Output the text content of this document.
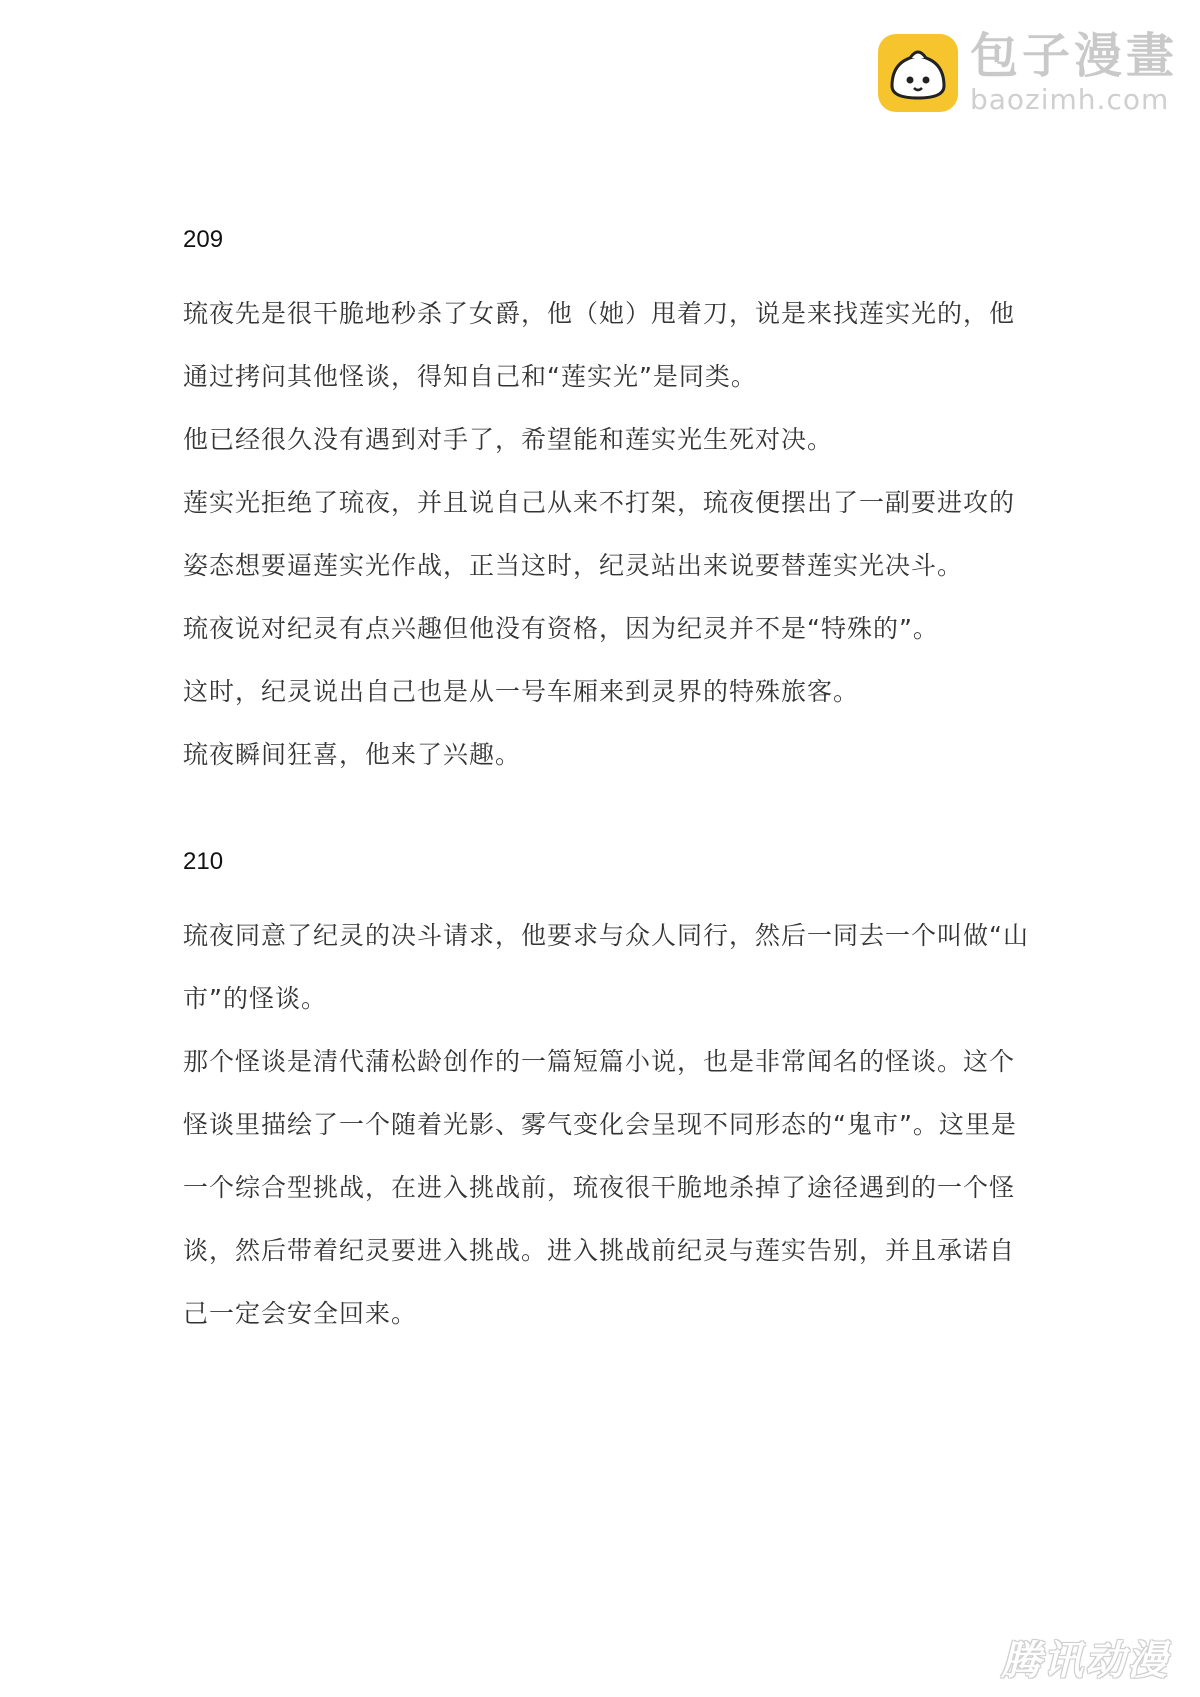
包子漫畫
baozimh.com
209

琉夜先是很干脆地秒杀了女爵，他（她）甩着刀，说是来找莲实光的，他通过拷问其他怪谈，得知自己和“莲实光”是同类。

他已经很久没有遇到对手了，希望能和莲实光生死对决。

莲实光拒绝了琉夜，并且说自己从来不打架，琉夜便摆出了一副要进攻的姿态想要逼莲实光作战，正当这时，纪灵站出来说要替莲实光决斗。

琉夜说对纪灵有点兴趣但他没有资格，因为纪灵并不是“特殊的”。

这时，纪灵说出自己也是从一号车厢来到灵界的特殊旅客。

琉夜瞬间狂喜，他来了兴趣。

210

琉夜同意了纪灵的决斗请求，他要求与众人同行，然后一同去一个叫做“山市”的怪谈。

那个怪谈是清代蒲松龄创作的一篇短篇小说，也是非常闻名的怪谈。这个怪谈里描绘了一个随着光影、雾气变化会呈现不同形态的“鬼市”。这里是一个综合型挑战，在进入挑战前，琉夜很干脆地杀掉了途径遇到的一个怪谈，然后带着纪灵要进入挑战。进入挑战前纪灵与莲实告别，并且承诺自己一定会安全回来。

腾讯动漫
